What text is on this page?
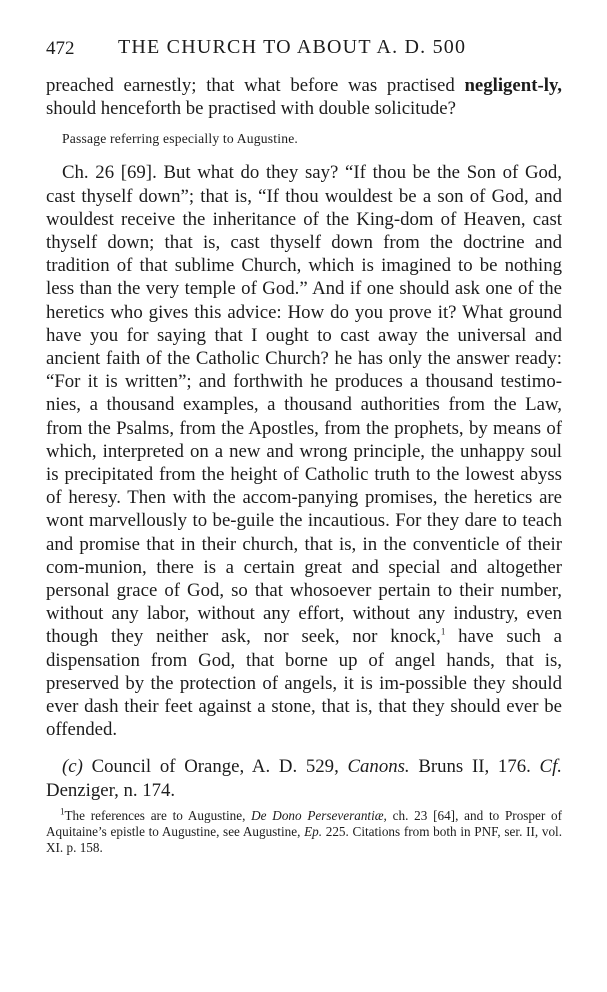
472 THE CHURCH TO ABOUT A. D. 500
preached earnestly; that what before was practised negligent-ly, should henceforth be practised with double solicitude?
Passage referring especially to Augustine.
Ch. 26 [69]. But what do they say? “If thou be the Son of God, cast thyself down”; that is, “If thou wouldest be a son of God, and wouldest receive the inheritance of the King-dom of Heaven, cast thyself down; that is, cast thyself down from the doctrine and tradition of that sublime Church, which is imagined to be nothing less than the very temple of God.” And if one should ask one of the heretics who gives this advice: How do you prove it? What ground have you for saying that I ought to cast away the universal and ancient faith of the Catholic Church? he has only the answer ready: “For it is written”; and forthwith he produces a thousand testimo-nies, a thousand examples, a thousand authorities from the Law, from the Psalms, from the Apostles, from the prophets, by means of which, interpreted on a new and wrong principle, the unhappy soul is precipitated from the height of Catholic truth to the lowest abyss of heresy. Then with the accom-panying promises, the heretics are wont marvellously to be-guile the incautious. For they dare to teach and promise that in their church, that is, in the conventicle of their com-munion, there is a certain great and special and altogether personal grace of God, so that whosoever pertain to their number, without any labor, without any effort, without any industry, even though they neither ask, nor seek, nor knock,$^1$ have such a dispensation from God, that borne up of angel hands, that is, preserved by the protection of angels, it is im-possible they should ever dash their feet against a stone, that is, that they should ever be offended.
(c) Council of Orange, A. D. 529, Canons. Bruns II, 176. Cf. Denziger, n. 174.
$^1$The references are to Augustine, De Dono Perseverantiæ, ch. 23 [64], and to Prosper of Aquitaine’s epistle to Augustine, see Augustine, Ep. 225. Citations from both in PNF, ser. II, vol. XI. p. 158.
